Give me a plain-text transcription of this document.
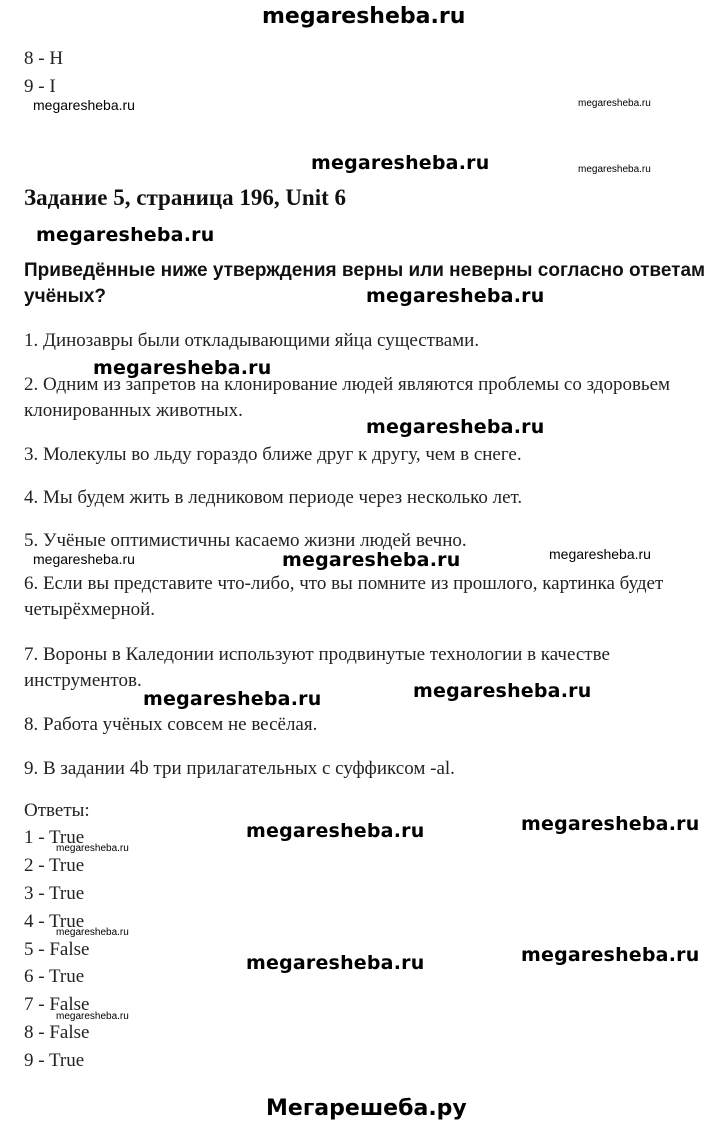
megaresheba.ru
8 - H
9 - I
megaresheba.ru	megaresheba.ru
megaresheba.ru	megaresheba.ru
Задание 5, страница 196, Unit 6
megaresheba.ru
Приведённые ниже утверждения верны или неверны согласно ответам учёных?	megaresheba.ru
1. Динозавры были откладывающими яйца существами.
megaresheba.ru
2. Одним из запретов на клонирование людей являются проблемы со здоровьем клонированных животных.
megaresheba.ru
3. Молекулы во льду гораздо ближе друг к другу, чем в снеге.
4. Мы будем жить в ледниковом периоде через несколько лет.
5. Учёные оптимистичны касаемо жизни людей вечно.
megaresheba.ru	megaresheba.ru	megaresheba.ru
6. Если вы представите что-либо, что вы помните из прошлого, картинка будет четырёхмерной.
7. Вороны в Каледонии используют продвинутые технологии в качестве инструментов.
megaresheba.ru	megaresheba.ru
8. Работа учёных совсем не весёлая.
9. В задании 4b три прилагательных с суффиксом -al.
Ответы:
1 - True
megaresheba.ru
megaresheba.ru	megaresheba.ru
2 - True
3 - True
4 - True
megaresheba.ru
5 - False
megaresheba.ru	megaresheba.ru
6 - True
7 - False
megaresheba.ru
8 - False
9 - True
Мегарешеба.ру
